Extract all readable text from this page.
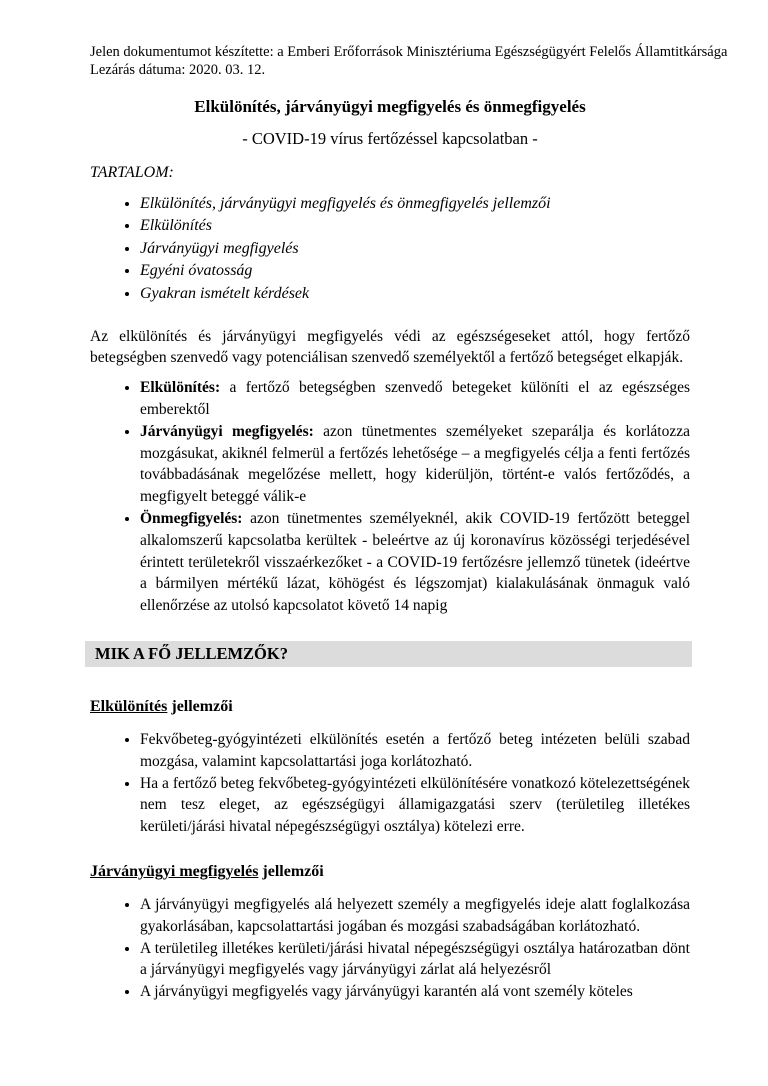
Jelen dokumentumot készítette: a Emberi Erőforrások Minisztériuma Egészségügyért Felelős Államtitkársága
Lezárás dátuma: 2020. 03. 12.
Elkülönítés, járványügyi megfigyelés és önmegfigyelés
- COVID-19 vírus fertőzéssel kapcsolatban -
TARTALOM:
• Elkülönítés, járványügyi megfigyelés és önmegfigyelés jellemzői
• Elkülönítés
• Járványügyi megfigyelés
• Egyéni óvatosság
• Gyakran ismételt kérdések
Az elkülönítés és járványügyi megfigyelés védi az egészségeseket attól, hogy fertőző betegségben szenvedő vagy potenciálisan szenvedő személyektől a fertőző betegséget elkapják.
• Elkülönítés: a fertőző betegségben szenvedő betegeket különíti el az egészséges emberektől
• Járványügyi megfigyelés: azon tünetmentes személyeket szeparálja és korlátozza mozgásukat, akiknél felmerül a fertőzés lehetősége – a megfigyelés célja a fenti fertőzés továbbadásának megelőzése mellett, hogy kiderüljön, történt-e valós fertőződés, a megfigyelt beteggé válik-e
• Önmegfigyelés: azon tünetmentes személyeknél, akik COVID-19 fertőzött beteggel alkalomszerű kapcsolatba kerültek - beleértve az új koronavírus közösségi terjedésével érintett területekről visszaérkezőket - a COVID-19 fertőzésre jellemző tünetek (ideértve a bármilyen mértékű lázat, köhögést és légszomjat) kialakulásának önmaguk való ellenőrzése az utolsó kapcsolatot követő 14 napig
MIK A FŐ JELLEMZŐK?
Elkülönítés jellemzői
• Fekvőbeteg-gyógyintézeti elkülönítés esetén a fertőző beteg intézeten belüli szabad mozgása, valamint kapcsolattartási joga korlátozható.
• Ha a fertőző beteg fekvőbeteg-gyógyintézeti elkülönítésére vonatkozó kötelezettségének nem tesz eleget, az egészségügyi államigazgatási szerv (területileg illetékes kerületi/járási hivatal népegészségügyi osztálya) kötelezi erre.
Járványügyi megfigyelés jellemzői
• A járványügyi megfigyelés alá helyezett személy a megfigyelés ideje alatt foglalkozása gyakorlásában, kapcsolattartási jogában és mozgási szabadságában korlátozható.
• A területileg illetékes kerületi/járási hivatal népegészségügyi osztálya határozatban dönt a járványügyi megfigyelés vagy járványügyi zárlat alá helyezésről
• A járványügyi megfigyelés vagy járványügyi karantén alá vont személy köteles
